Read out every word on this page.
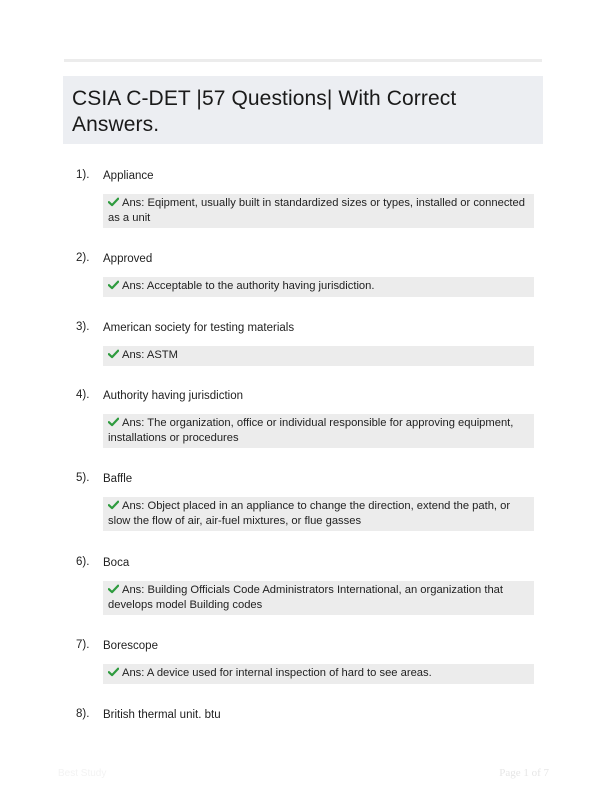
CSIA C-DET |57 Questions| With Correct Answers.
1). Appliance
Ans: Eqipment, usually built in standardized sizes or types, installed or connected as a unit
2). Approved
Ans: Acceptable to the authority having jurisdiction.
3). American society for testing materials
Ans: ASTM
4). Authority having jurisdiction
Ans: The organization, office or individual responsible for approving equipment, installations or procedures
5). Baffle
Ans: Object placed in an appliance to change the direction, extend the path, or slow the flow of air, air-fuel mixtures, or flue gasses
6). Boca
Ans: Building Officials Code Administrators International, an organization that develops model Building codes
7). Borescope
Ans: A device used for internal inspection of hard to see areas.
8). British thermal unit. btu
Best Study	Page 1 of 7
